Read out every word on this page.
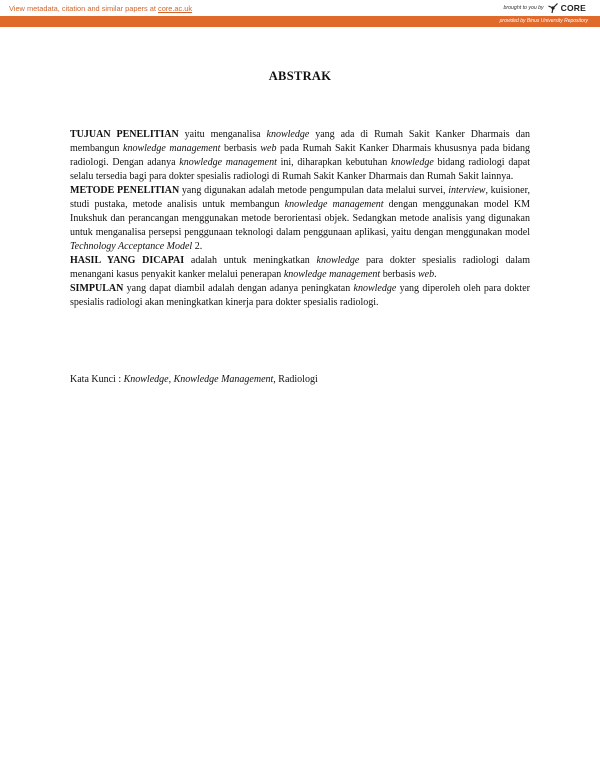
View metadata, citation and similar papers at core.ac.uk	brought to you by CORE
provided by Binus University Repository
ABSTRAK

TUJUAN PENELITIAN yaitu menganalisa knowledge yang ada di Rumah Sakit Kanker Dharmais dan membangun knowledge management berbasis web pada Rumah Sakit Kanker Dharmais khususnya pada bidang radiologi. Dengan adanya knowledge management ini, diharapkan kebutuhan knowledge bidang radiologi dapat selalu tersedia bagi para dokter spesialis radiologi di Rumah Sakit Kanker Dharmais dan Rumah Sakit lainnya.

METODE PENELITIAN yang digunakan adalah metode pengumpulan data melalui survei, interview, kuisioner, studi pustaka, metode analisis untuk membangun knowledge management dengan menggunakan model KM Inukshuk dan perancangan menggunakan metode berorientasi objek. Sedangkan metode analisis yang digunakan untuk menganalisa persepsi penggunaan teknologi dalam penggunaan aplikasi, yaitu dengan menggunakan model Technology Acceptance Model 2.

HASIL YANG DICAPAI adalah untuk meningkatkan knowledge para dokter spesialis radiologi dalam menangani kasus penyakit kanker melalui penerapan knowledge management berbasis web.

SIMPULAN yang dapat diambil adalah dengan adanya peningkatan knowledge yang diperoleh oleh para dokter spesialis radiologi akan meningkatkan kinerja para dokter spesialis radiologi.

Kata Kunci : Knowledge, Knowledge Management, Radiologi
